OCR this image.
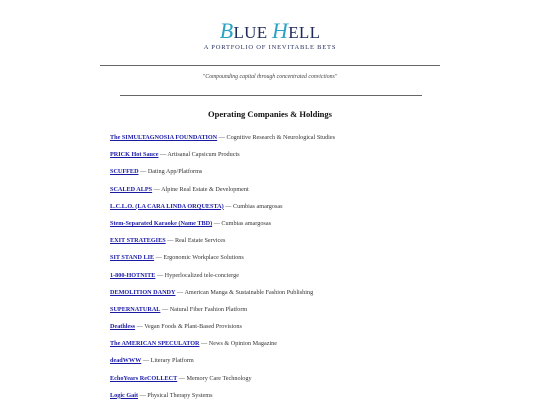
BLUE HELL
A PORTFOLIO OF INEVITABLE BETS
"Compounding capital through concentrated convictions"
Operating Companies & Holdings
The SIMULTAGNOSIA FOUNDATION — Cognitive Research & Neurological Studies
PRICK Hot Sauce — Artisanal Capsicum Products
SCUFFED — Dating App/Platforms
SCALED ALPS — Alpine Real Estate & Development
L.C.L.O. (LA CARA LINDA ORQUESTA) — Cumbias amargosas
Stem-Separated Karaoke (Name TBD) — Cumbias amargosas
EXIT STRATEGIES — Real Estate Services
SIT STAND LIE — Ergonomic Workplace Solutions
1-800-HOTNITE — Hyperlocalized tele-concierge
DEMOLITION DANDY — American Manga & Sustainable Fashion Publishing
SUPERNATURAL — Natural Fiber Fashion Platform
Deathless — Vegan Foods & Plant-Based Provisions
The AMERICAN SPECULATOR — News & Opinion Magazine
deadWWW — Literary Platform
EchoYears ReCOLLECT — Memory Care Technology
Logic Gait — Physical Therapy Systems
